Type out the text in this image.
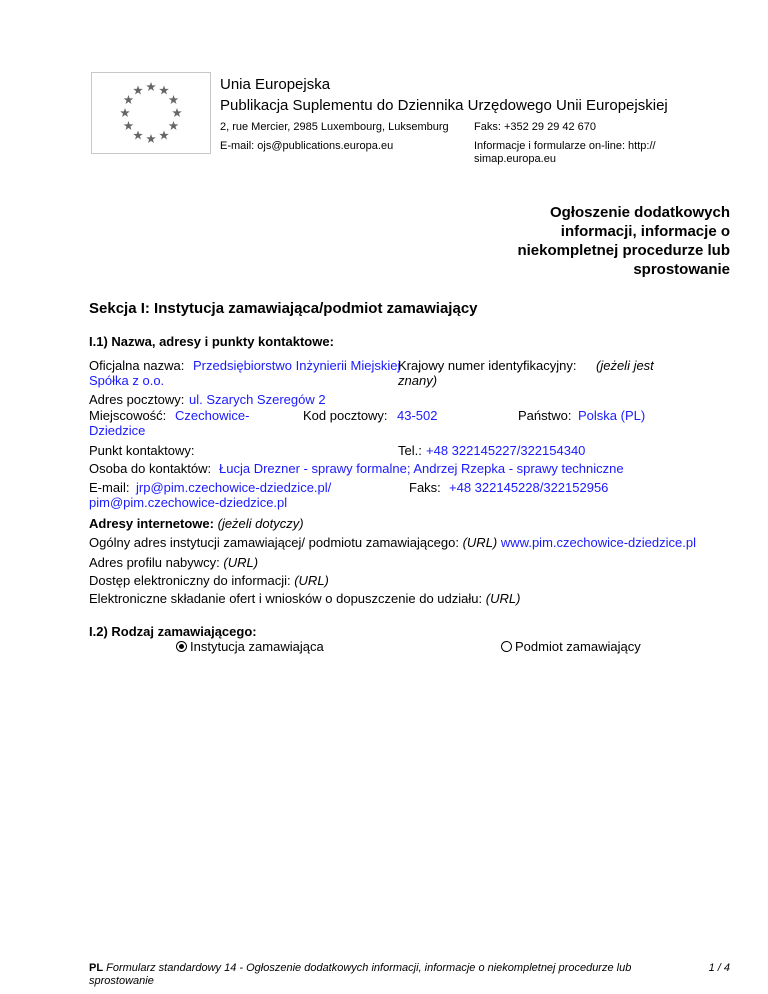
Unia Europejska
Publikacja Suplementu do Dziennika Urzędowego Unii Europejskiej
2, rue Mercier, 2985 Luxembourg, Luksemburg Faks: +352 29 29 42 670
E-mail: ojs@publications.europa.eu	Informacje i formularze on-line: http://
simap.europa.eu
Ogłoszenie dodatkowych
informacji, informacje o
niekompletnej procedurze lub
sprostowanie
Sekcja I: Instytucja zamawiająca/podmiot zamawiający
I.1) Nazwa, adresy i punkty kontaktowe:
Oficjalna nazwa: Przedsiębiorstwo Inżynierii Miejskiej
Spółka z o.o.
Krajowy numer identyfikacyjny: (jeżeli jest
znany)
Adres pocztowy: ul. Szarych Szeregów 2
Miejscowość: Czechowice-
Dziedzice
Kod pocztowy: 43-502	Państwo: Polska (PL)
Punkt kontaktowy:	Tel.: +48 322145227/322154340
Osoba do kontaktów: Łucja Drezner - sprawy formalne; Andrzej Rzepka - sprawy techniczne
E-mail: jrp@pim.czechowice-dziedzice.pl/
pim@pim.czechowice-dziedzice.pl
Faks: +48 322145228/322152956
Adresy internetowe: (jeżeli dotyczy)
Ogólny adres instytucji zamawiającej/ podmiotu zamawiającego: (URL) www.pim.czechowice-dziedzice.pl
Adres profilu nabywcy: (URL)
Dostęp elektroniczny do informacji: (URL)
Elektroniczne składanie ofert i wniosków o dopuszczenie do udziału: (URL)
I.2) Rodzaj zamawiającego:
Instytucja zamawiająca	Podmiot zamawiający
PL Formularz standardowy 14 - Ogłoszenie dodatkowych informacji, informacje o niekompletnej procedurze lub
sprostowanie
1 / 4
